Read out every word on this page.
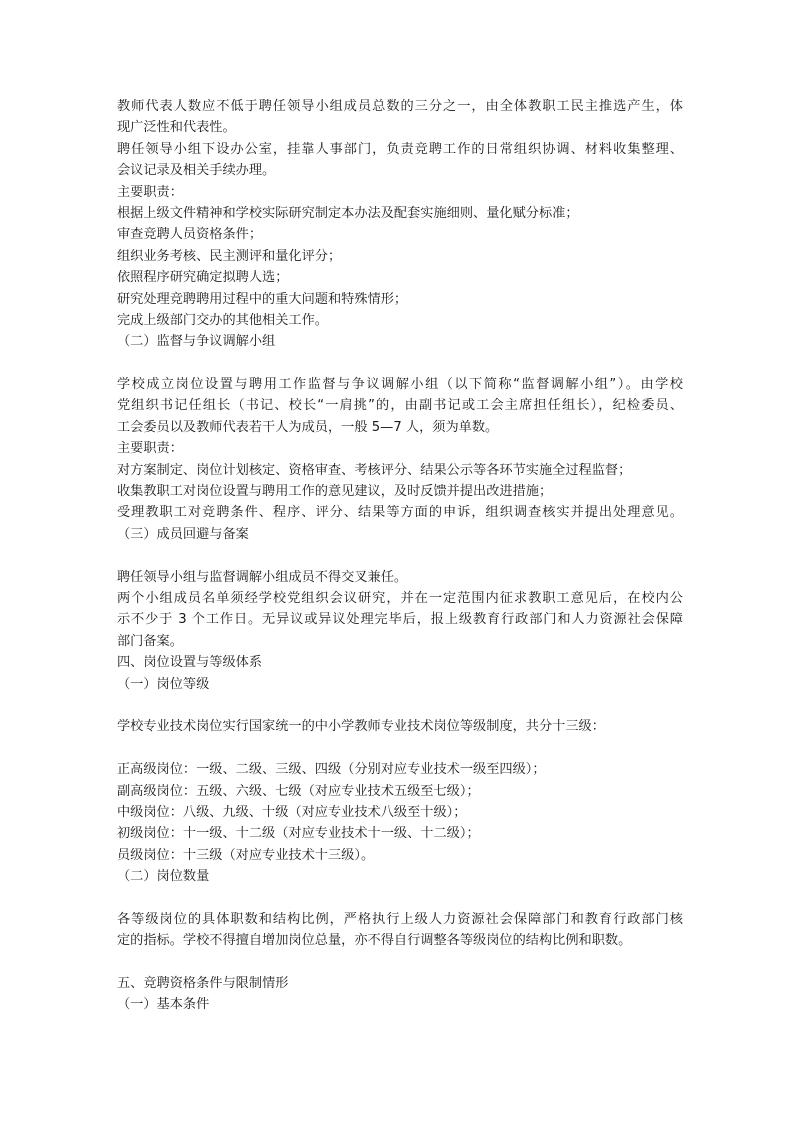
教师代表人数应不低于聘任领导小组成员总数的三分之一，由全体教职工民主推选产生，体
现广泛性和代表性。
聘任领导小组下设办公室，挂靠人事部门，负责竞聘工作的日常组织协调、材料收集整理、
会议记录及相关手续办理。
主要职责：
根据上级文件精神和学校实际研究制定本办法及配套实施细则、量化赋分标准；
审查竞聘人员资格条件；
组织业务考核、民主测评和量化评分；
依照程序研究确定拟聘人选；
研究处理竞聘聘用过程中的重大问题和特殊情形；
完成上级部门交办的其他相关工作。
（二）监督与争议调解小组
学校成立岗位设置与聘用工作监督与争议调解小组（以下简称“监督调解小组”）。由学校
党组织书记任组长（书记、校长“一肩挑”的，由副书记或工会主席担任组长），纪检委员、
工会委员以及教师代表若干人为成员，一般 5—7 人，须为单数。
主要职责：
对方案制定、岗位计划核定、资格审查、考核评分、结果公示等各环节实施全过程监督；
收集教职工对岗位设置与聘用工作的意见建议，及时反馈并提出改进措施；
受理教职工对竞聘条件、程序、评分、结果等方面的申诉，组织调查核实并提出处理意见。
（三）成员回避与备案
聘任领导小组与监督调解小组成员不得交叉兼任。
两个小组成员名单须经学校党组织会议研究，并在一定范围内征求教职工意见后，在校内公
示不少于 3 个工作日。无异议或异议处理完毕后，报上级教育行政部门和人力资源社会保障
部门备案。
四、岗位设置与等级体系
（一）岗位等级
学校专业技术岗位实行国家统一的中小学教师专业技术岗位等级制度，共分十三级：
正高级岗位：一级、二级、三级、四级（分别对应专业技术一级至四级）；
副高级岗位：五级、六级、七级（对应专业技术五级至七级）；
中级岗位：八级、九级、十级（对应专业技术八级至十级）；
初级岗位：十一级、十二级（对应专业技术十一级、十二级）；
员级岗位：十三级（对应专业技术十三级）。
（二）岗位数量
各等级岗位的具体职数和结构比例，严格执行上级人力资源社会保障部门和教育行政部门核
定的指标。学校不得擅自增加岗位总量，亦不得自行调整各等级岗位的结构比例和职数。
五、竞聘资格条件与限制情形
（一）基本条件
